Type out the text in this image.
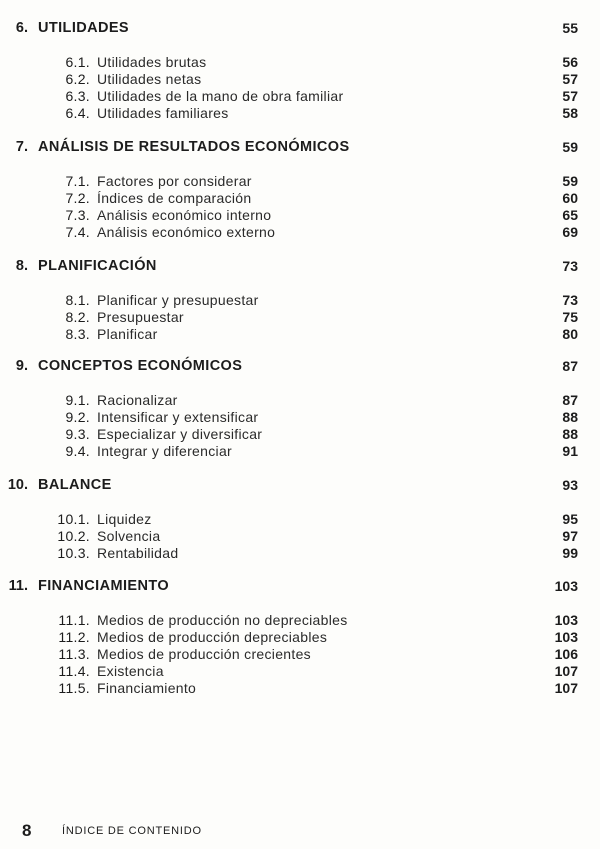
6. UTILIDADES	55
6.1. Utilidades brutas	56
6.2. Utilidades netas	57
6.3. Utilidades de la mano de obra familiar	57
6.4. Utilidades familiares	58
7. ANÁLISIS DE RESULTADOS ECONÓMICOS	59
7.1. Factores por considerar	59
7.2. Índices de comparación	60
7.3. Análisis económico interno	65
7.4. Análisis económico externo	69
8. PLANIFICACIÓN	73
8.1. Planificar y presupuestar	73
8.2. Presupuestar	75
8.3. Planificar	80
9. CONCEPTOS ECONÓMICOS	87
9.1. Racionalizar	87
9.2. Intensificar y extensificar	88
9.3. Especializar y diversificar	88
9.4. Integrar y diferenciar	91
10. BALANCE	93
10.1. Liquidez	95
10.2. Solvencia	97
10.3. Rentabilidad	99
11. FINANCIAMIENTO	103
11.1. Medios de producción no depreciables	103
11.2. Medios de producción depreciables	103
11.3. Medios de producción crecientes	106
11.4. Existencia	107
11.5. Financiamiento	107
8	ÍNDICE DE CONTENIDO
